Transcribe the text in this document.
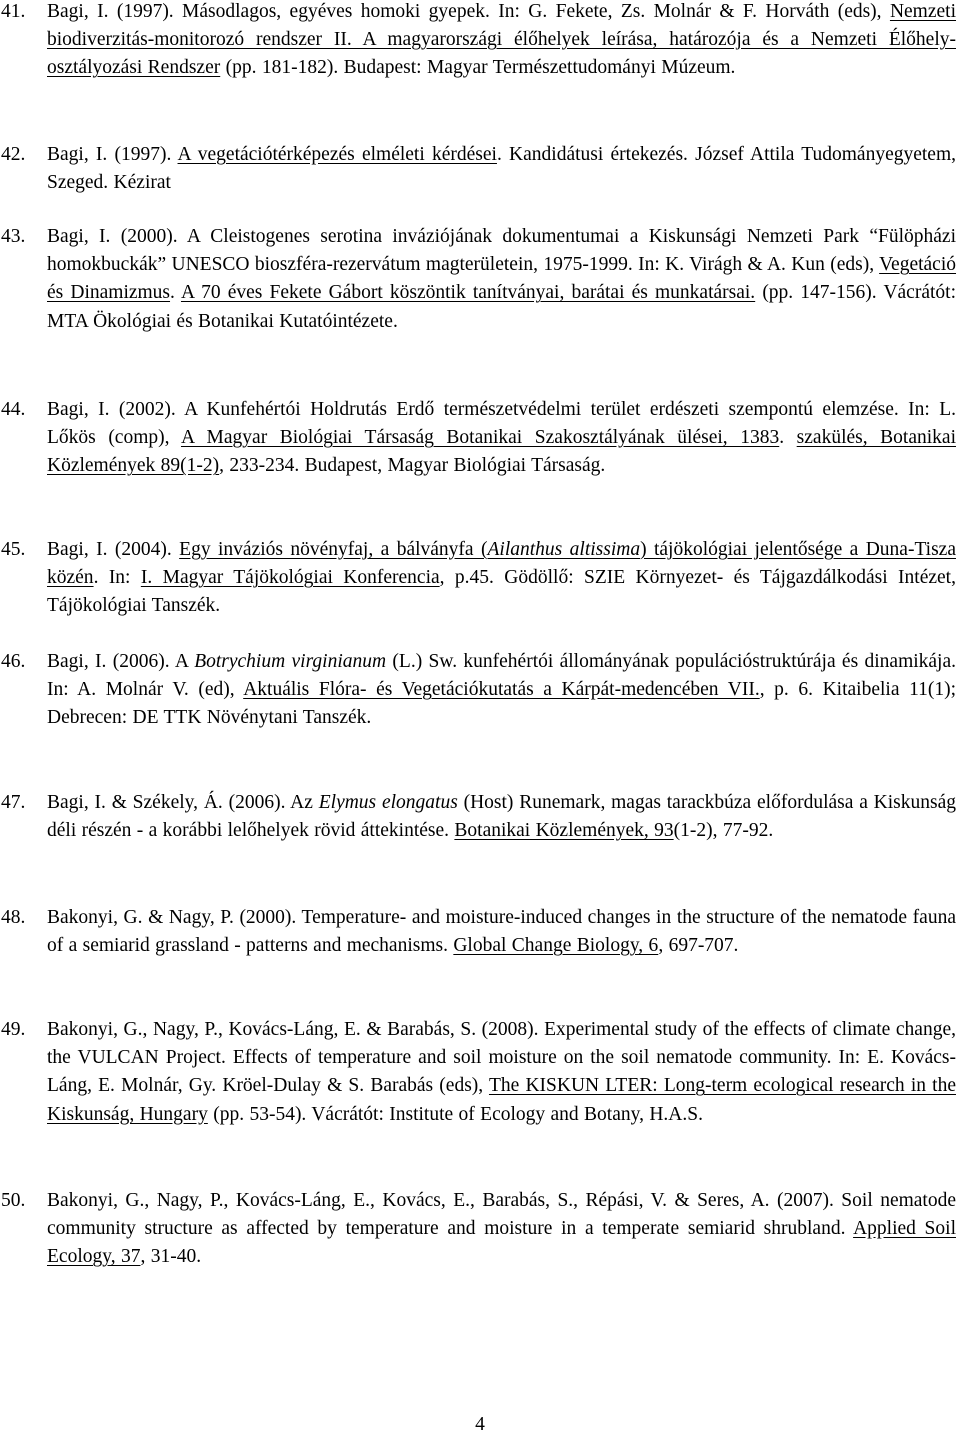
41. Bagi, I. (1997). Másodlagos, egyéves homoki gyepek. In: G. Fekete, Zs. Molnár & F. Horváth (eds), Nemzeti biodiverzitás-monitorozó rendszer II. A magyarországi élőhelyek leírása, határozója és a Nemzeti Élőhely-osztályozási Rendszer (pp. 181-182). Budapest: Magyar Természettudományi Múzeum.
42. Bagi, I. (1997). A vegetációtérképezés elméleti kérdései. Kandidátusi értekezés. József Attila Tudományegyetem, Szeged. Kézirat
43. Bagi, I. (2000). A Cleistogenes serotina inváziójának dokumentumai a Kiskunsági Nemzeti Park “Fülöpházi homokbuckák” UNESCO bioszféra-rezervátum magterületein, 1975-1999. In: K. Virágh & A. Kun (eds), Vegetáció és Dinamizmus. A 70 éves Fekete Gábort köszöntik tanítványai, barátai és munkatársai. (pp. 147-156). Vácrátót: MTA Ökológiai és Botanikai Kutatóintézete.
44. Bagi, I. (2002). A Kunfehértói Holdrutás Erdő természetvédelmi terület erdészeti szempontú elemzése. In: L. Lőkös (comp), A Magyar Biológiai Társaság Botanikai Szakosztályának ülései, 1383. szakülés, Botanikai Közlemények 89(1-2), 233-234. Budapest, Magyar Biológiai Társaság.
45. Bagi, I. (2004). Egy inváziós növényfaj, a bálványfa (Ailanthus altissima) tájökológiai jelentősége a Duna-Tisza közén. In: I. Magyar Tájökológiai Konferencia, p.45. Gödöllő: SZIE Környezet- és Tájgazdálkodási Intézet, Tájökológiai Tanszék.
46. Bagi, I. (2006). A Botrychium virginianum (L.) Sw. kunfehértói állományának populációstruktúrája és dinamikája. In: A. Molnár V. (ed), Aktuális Flóra- és Vegetációkutatás a Kárpát-medencében VII., p. 6. Kitaibelia 11(1); Debrecen: DE TTK Növénytani Tanszék.
47. Bagi, I. & Székely, Á. (2006). Az Elymus elongatus (Host) Runemark, magas tarackbúza előfordulása a Kiskunság déli részén - a korábbi lelőhelyek rövid áttekintése. Botanikai Közlemények, 93(1-2), 77-92.
48. Bakonyi, G. & Nagy, P. (2000). Temperature- and moisture-induced changes in the structure of the nematode fauna of a semiarid grassland - patterns and mechanisms. Global Change Biology, 6, 697-707.
49. Bakonyi, G., Nagy, P., Kovács-Láng, E. & Barabás, S. (2008). Experimental study of the effects of climate change, the VULCAN Project. Effects of temperature and soil moisture on the soil nematode community. In: E. Kovács-Láng, E. Molnár, Gy. Kröel-Dulay & S. Barabás (eds), The KISKUN LTER: Long-term ecological research in the Kiskunság, Hungary (pp. 53-54). Vácrátót: Institute of Ecology and Botany, H.A.S.
50. Bakonyi, G., Nagy, P., Kovács-Láng, E., Kovács, E., Barabás, S., Répási, V. & Seres, A. (2007). Soil nematode community structure as affected by temperature and moisture in a temperate semiarid shrubland. Applied Soil Ecology, 37, 31-40.
4
